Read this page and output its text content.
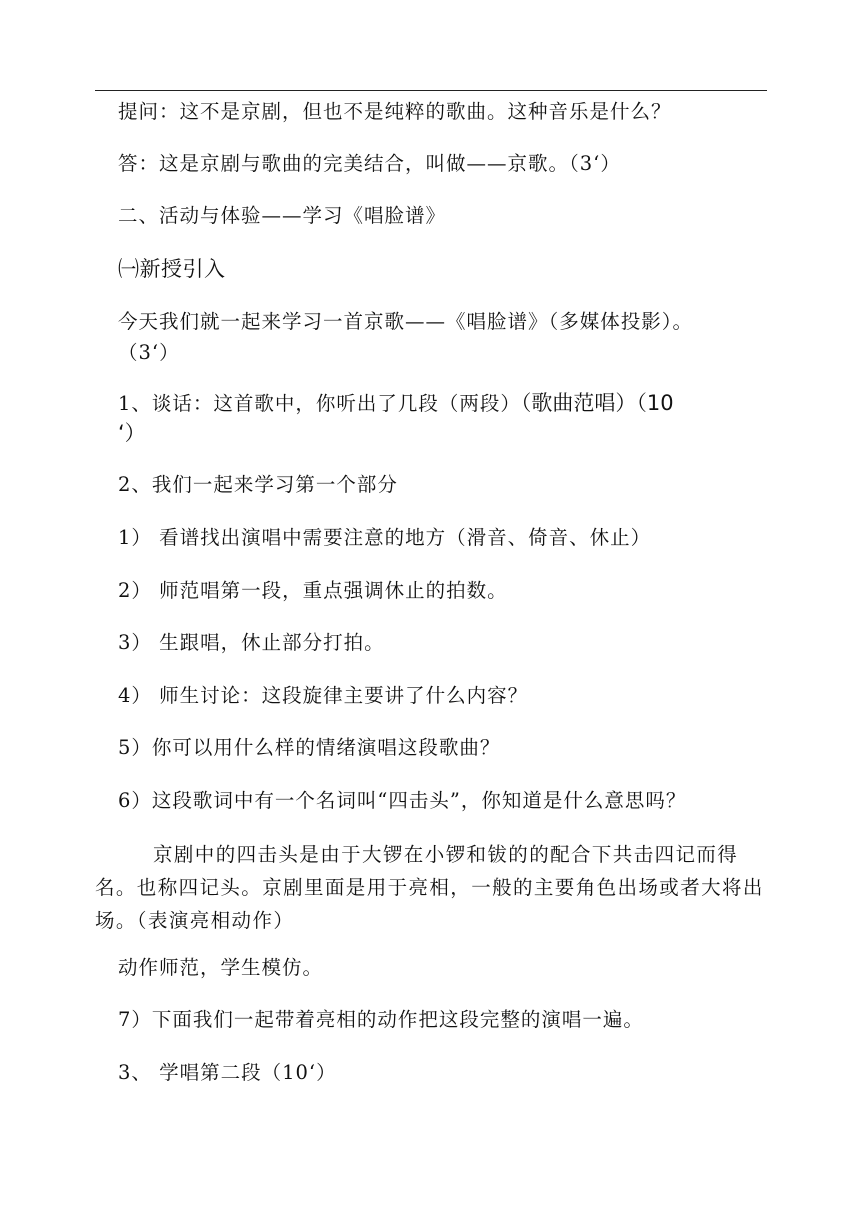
提问：这不是京剧，但也不是纯粹的歌曲。这种音乐是什么？
答：这是京剧与歌曲的完美结合，叫做——京歌。（3‘）
二、活动与体验——学习《唱脸谱》
㈠新授引入
今天我们就一起来学习一首京歌——《唱脸谱》（多媒体投影）。
（3‘）
1、谈话：这首歌中，你听出了几段（两段）（歌曲范唱）（10
‘）
2、我们一起来学习第一个部分
1） 看谱找出演唱中需要注意的地方（滑音、倚音、休止）
2） 师范唱第一段，重点强调休止的拍数。
3） 生跟唱，休止部分打拍。
4） 师生讨论：这段旋律主要讲了什么内容？
5）你可以用什么样的情绪演唱这段歌曲？
6）这段歌词中有一个名词叫“四击头”，你知道是什么意思吗？
京剧中的四击头是由于大锣在小锣和钹的的配合下共击四记而得名。也称四记头。京剧里面是用于亮相，一般的主要角色出场或者大将出场。（表演亮相动作）
动作师范，学生模仿。
7）下面我们一起带着亮相的动作把这段完整的演唱一遍。
3、 学唱第二段（10‘）
